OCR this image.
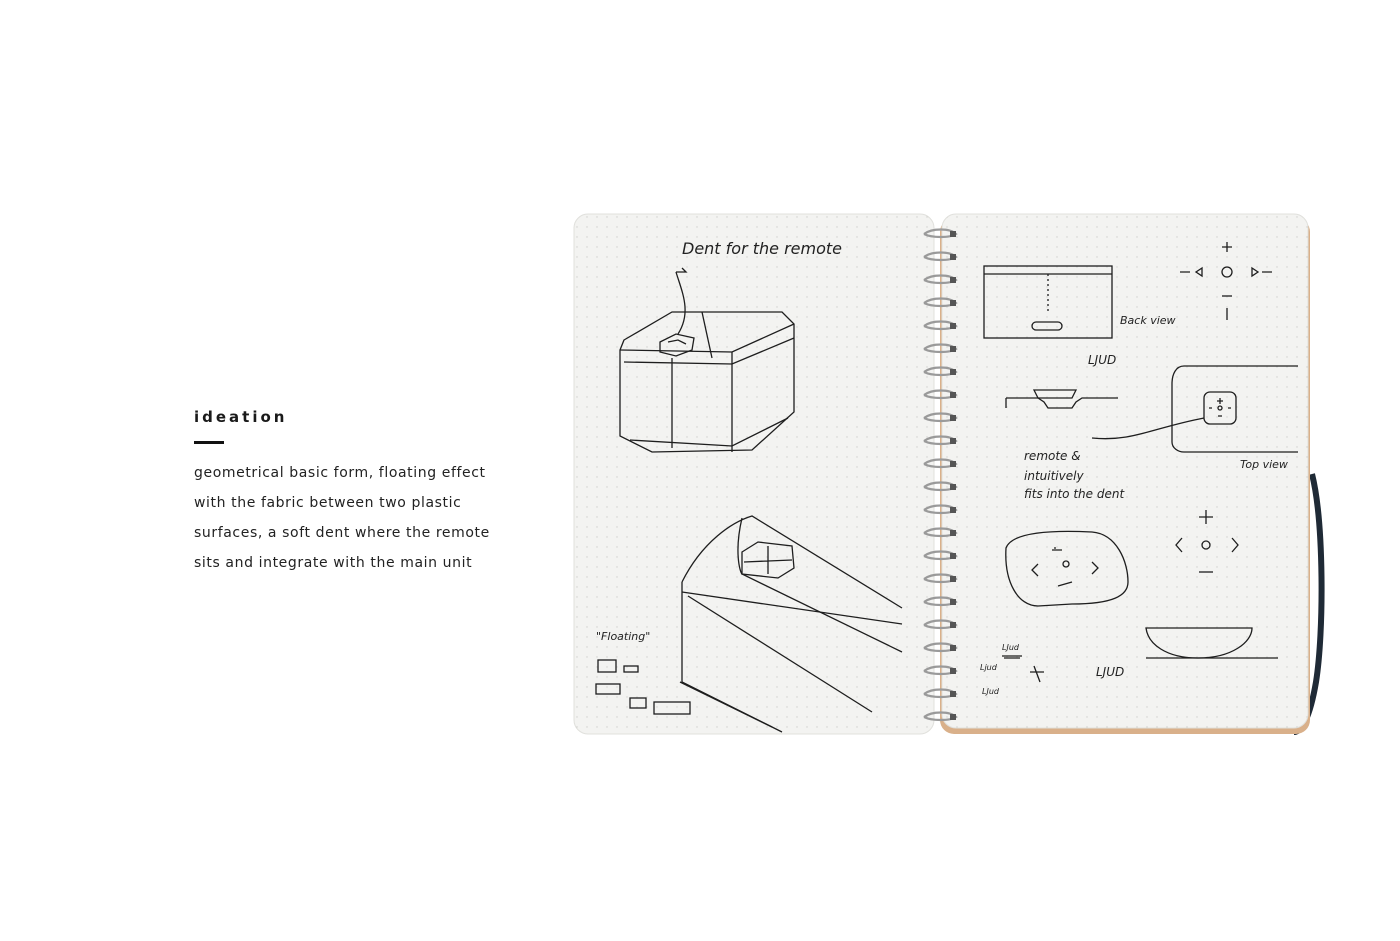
ideation
geometrical basic form, floating effect
with the fabric between two plastic
surfaces, a soft dent where the remote
sits and integrate with the main unit
Dent for the remote
"Floating"
Back view
LJUD
remote &
intuitively
fits into the dent
Top view
LJUD
LJud
Ljud
LJud
